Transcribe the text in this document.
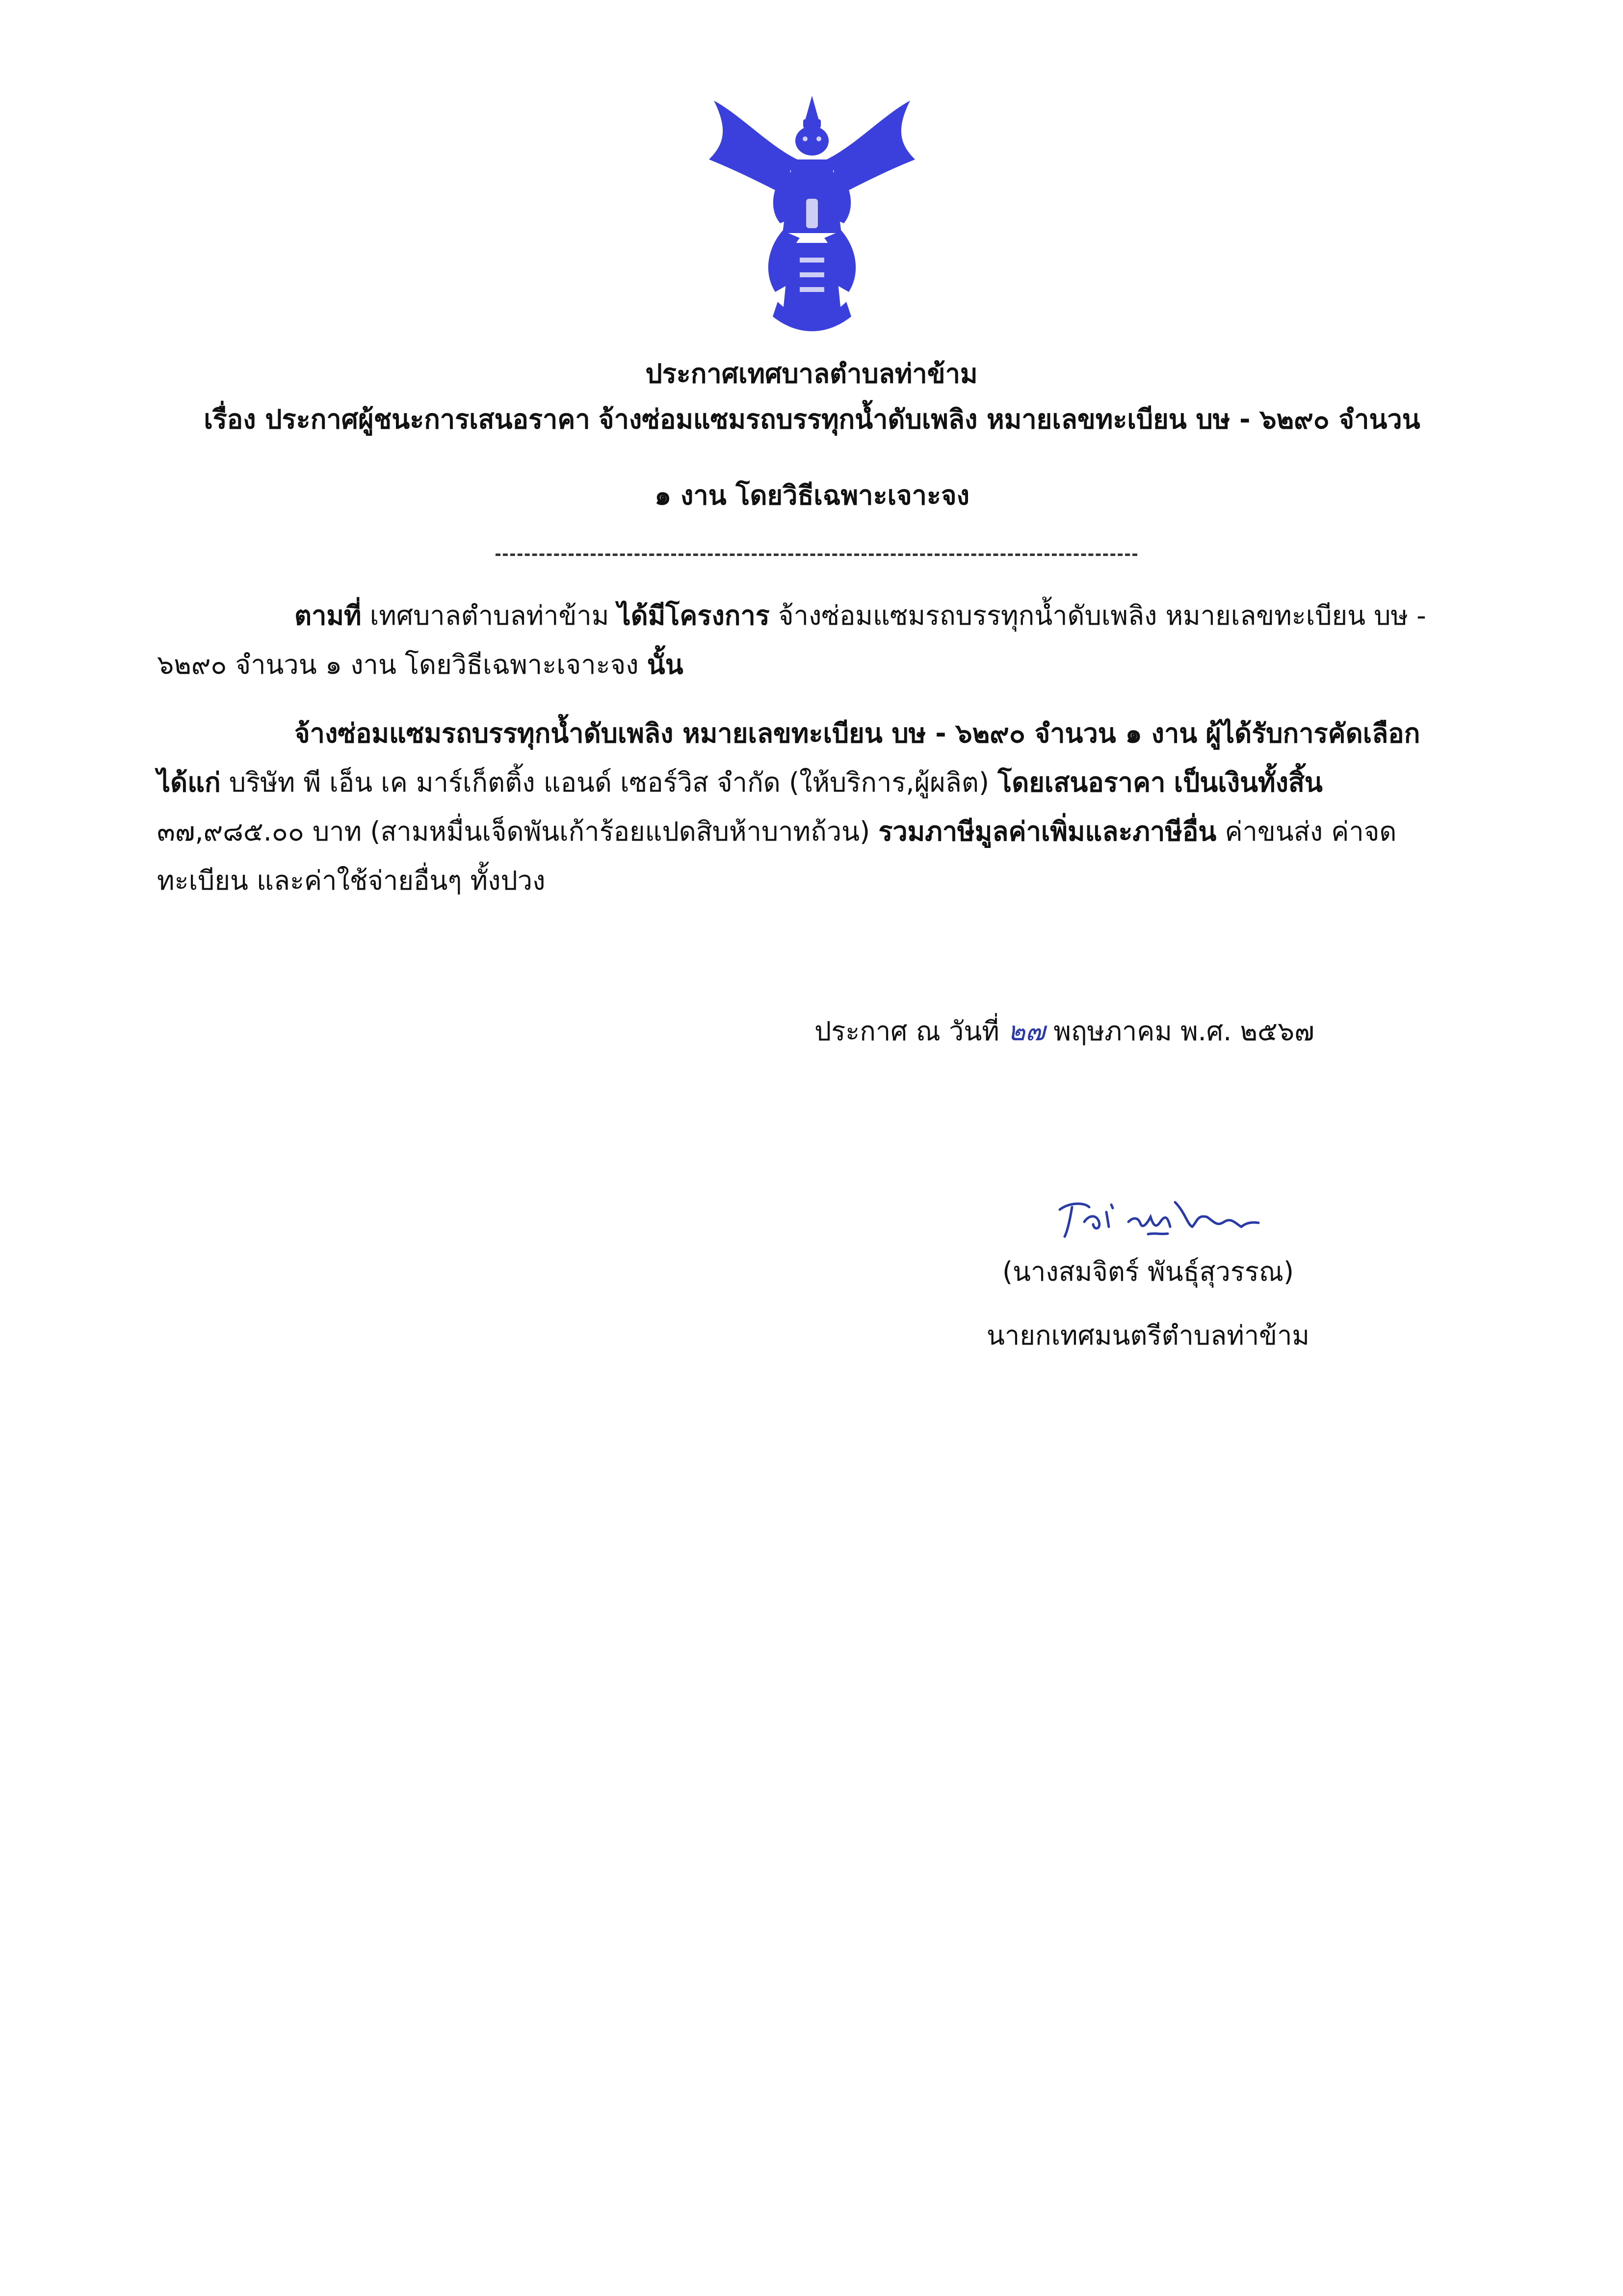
ประกาศเทศบาลตำบลท่าข้าม
เรื่อง ประกาศผู้ชนะการเสนอราคา จ้างซ่อมแซมรถบรรทุกน้ำดับเพลิง หมายเลขทะเบียน บษ - ๖๒๙๐ จำนวน
๑ งาน โดยวิธีเฉพาะเจาะจง
ตามที่ เทศบาลตำบลท่าข้าม ได้มีโครงการ จ้างซ่อมแซมรถบรรทุกน้ำดับเพลิง หมายเลขทะเบียน บษ - ๖๒๙๐ จำนวน ๑ งาน โดยวิธีเฉพาะเจาะจง นั้น
จ้างซ่อมแซมรถบรรทุกน้ำดับเพลิง หมายเลขทะเบียน บษ - ๖๒๙๐ จำนวน ๑ งาน ผู้ได้รับการคัดเลือก ได้แก่ บริษัท พี เอ็น เค มาร์เก็ตติ้ง แอนด์ เซอร์วิส จำกัด (ให้บริการ,ผู้ผลิต) โดยเสนอราคา เป็นเงินทั้งสิ้น ๓๗,๙๘๕.๐๐ บาท (สามหมื่นเจ็ดพันเก้าร้อยแปดสิบห้าบาทถ้วน) รวมภาษีมูลค่าเพิ่มและภาษีอื่น ค่าขนส่ง ค่าจดทะเบียน และค่าใช้จ่ายอื่นๆ ทั้งปวง
ประกาศ ณ วันที่ ๒๗ พฤษภาคม พ.ศ. ๒๕๖๗
(นางสมจิตร์ พันธุ์สุวรรณ)
นายกเทศมนตรีตำบลท่าข้าม
